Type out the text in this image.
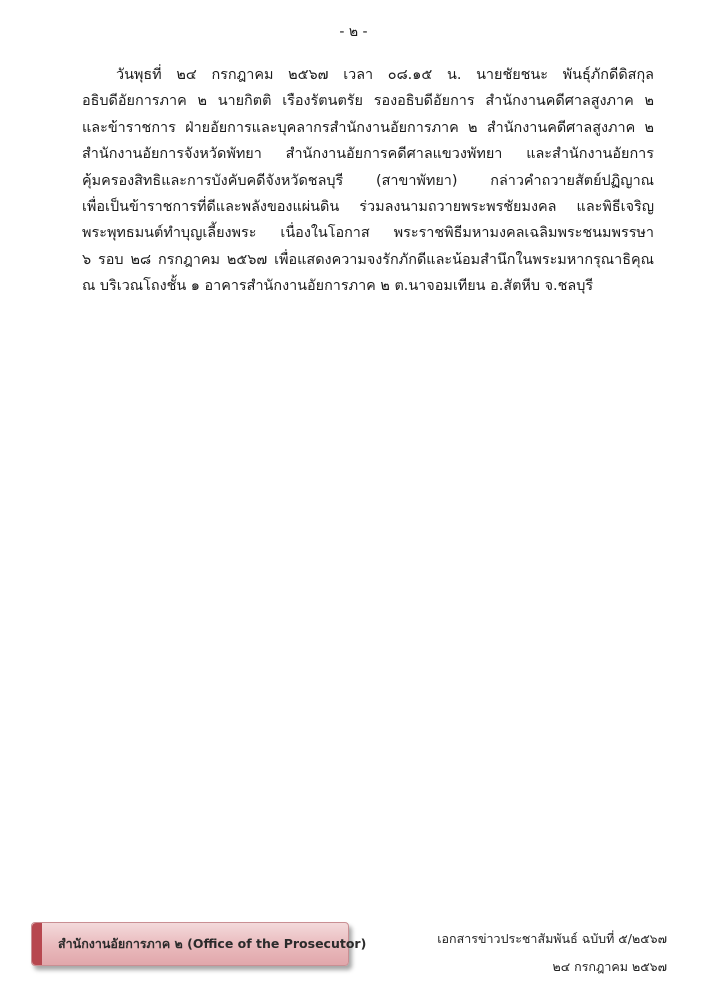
- ๒ -

วันพุธที่ ๒๔ กรกฎาคม ๒๕๖๗ เวลา ๐๘.๑๕ น. นายชัยชนะ พันธุ์ภักดีดิสกุล
อธิบดีอัยการภาค ๒ นายกิตติ เรืองรัตนตรัย รองอธิบดีอัยการ สำนักงานคดีศาลสูงภาค ๒
และข้าราชการ ฝ่ายอัยการและบุคลากรสำนักงานอัยการภาค ๒ สำนักงานคดีศาลสูงภาค ๒
สำนักงานอัยการจังหวัดพัทยา สำนักงานอัยการคดีศาลแขวงพัทยา และสำนักงานอัยการ
คุ้มครองสิทธิและการบังคับคดีจังหวัดชลบุรี (สาขาพัทยา) กล่าวคำถวายสัตย์ปฏิญาณ
เพื่อเป็นข้าราชการที่ดีและพลังของแผ่นดิน ร่วมลงนามถวายพระพรชัยมงคล และพิธีเจริญ
พระพุทธมนต์ทำบุญเลี้ยงพระ เนื่องในโอกาส พระราชพิธีมหามงคลเฉลิมพระชนมพรรษา
๖ รอบ ๒๘ กรกฎาคม ๒๕๖๗ เพื่อแสดงความจงรักภักดีและน้อมสำนึกในพระมหากรุณาธิคุณ
ณ บริเวณโถงชั้น ๑ อาคารสำนักงานอัยการภาค ๒ ต.นาจอมเทียน อ.สัตหีบ จ.ชลบุรี

สำนักงานอัยการภาค ๒ (Office of the Prosecutor)	เอกสารข่าวประชาสัมพันธ์ ฉบับที่ ๕/๒๕๖๗
๒๔ กรกฎาคม ๒๕๖๗
